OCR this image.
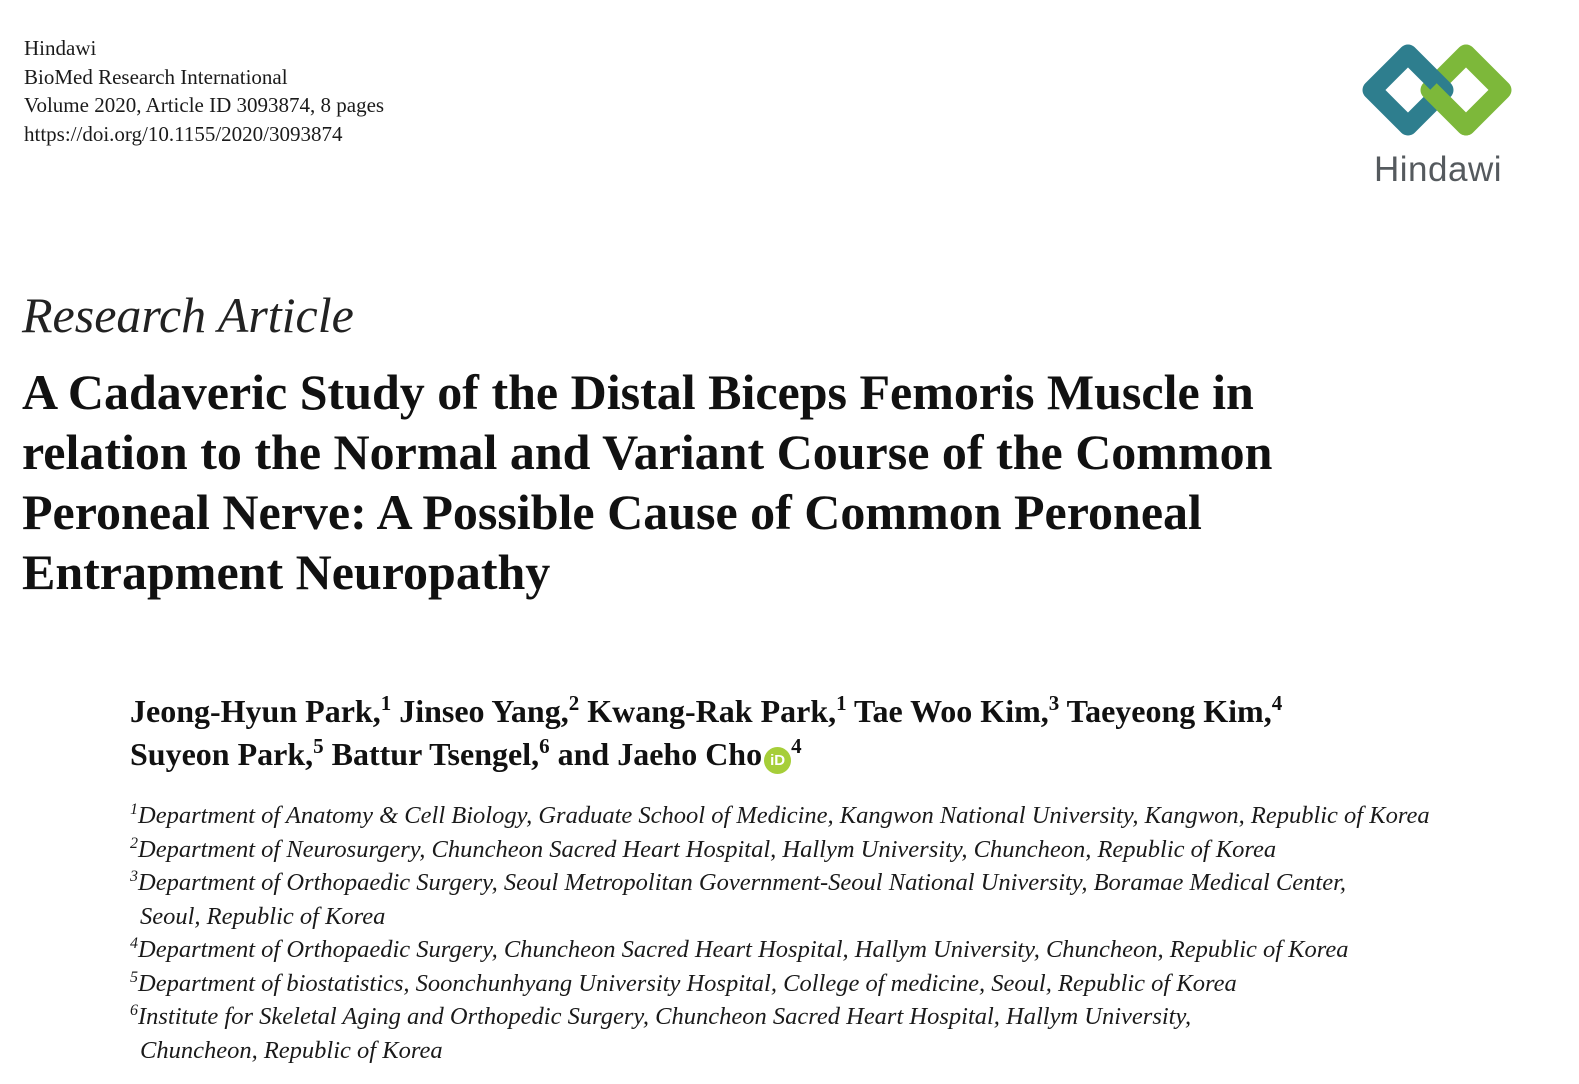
Hindawi
BioMed Research International
Volume 2020, Article ID 3093874, 8 pages
https://doi.org/10.1155/2020/3093874
Hindawi
Research Article
A Cadaveric Study of the Distal Biceps Femoris Muscle in
relation to the Normal and Variant Course of the Common
Peroneal Nerve: A Possible Cause of Common Peroneal
Entrapment Neuropathy
Jeong-Hyun Park,$^1$ Jinseo Yang,$^2$ Kwang-Rak Park,$^1$ Tae Woo Kim,$^3$ Taeyeong Kim,$^4$
Suyeon Park,$^5$ Battur Tsengel,$^6$ and Jaeho Cho $iD^4$
$^1$Department of Anatomy & Cell Biology, Graduate School of Medicine, Kangwon National University, Kangwon, Republic of Korea
$^2$Department of Neurosurgery, Chuncheon Sacred Heart Hospital, Hallym University, Chuncheon, Republic of Korea
$^3$Department of Orthopaedic Surgery, Seoul Metropolitan Government-Seoul National University, Boramae Medical Center,
Seoul, Republic of Korea
$^4$Department of Orthopaedic Surgery, Chuncheon Sacred Heart Hospital, Hallym University, Chuncheon, Republic of Korea
$^5$Department of biostatistics, Soonchunhyang University Hospital, College of medicine, Seoul, Republic of Korea
$^6$Institute for Skeletal Aging and Orthopedic Surgery, Chuncheon Sacred Heart Hospital, Hallym University,
Chuncheon, Republic of Korea
